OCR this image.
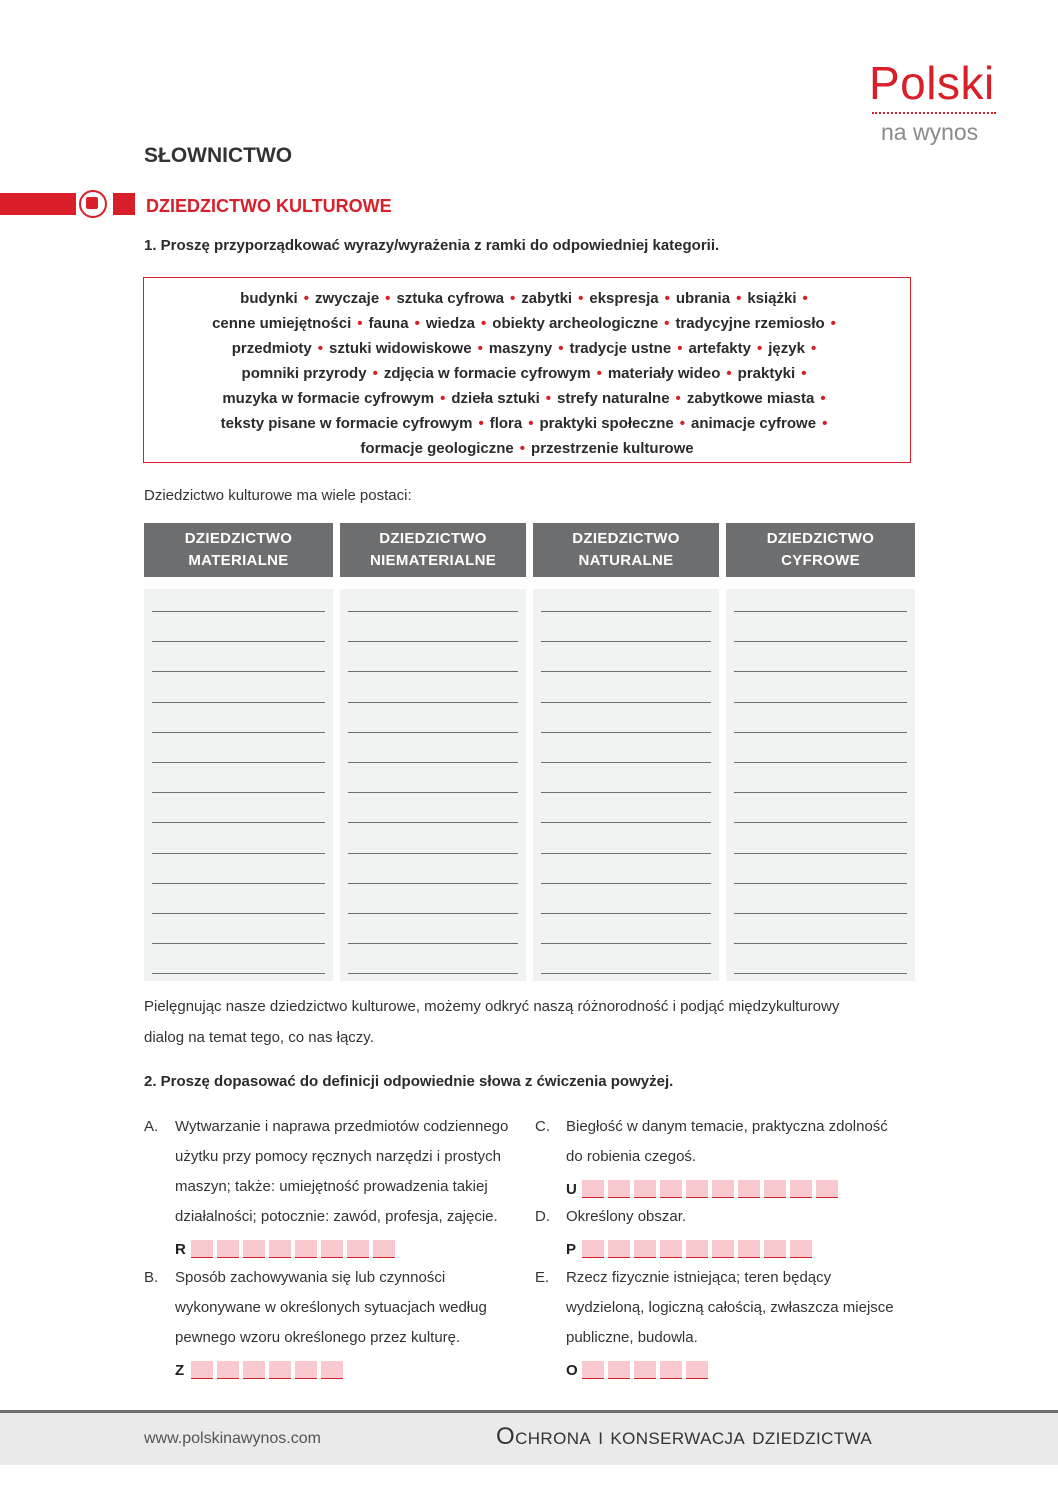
Polski
na wynos
SŁOWNICTWO
DZIEDZICTWO KULTUROWE
1. Proszę przyporządkować wyrazy/wyrażenia z ramki do odpowiedniej kategorii.
budynki • zwyczaje • sztuka cyfrowa • zabytki • ekspresja • ubrania • książki •
cenne umiejętności • fauna • wiedza • obiekty archeologiczne • tradycyjne rzemiosło •
przedmioty • sztuki widowiskowe • maszyny • tradycje ustne • artefakty • język •
pomniki przyrody • zdjęcia w formacie cyfrowym • materiały wideo • praktyki •
muzyka w formacie cyfrowym • dzieła sztuki • strefy naturalne • zabytkowe miasta •
teksty pisane w formacie cyfrowym • flora • praktyki społeczne • animacje cyfrowe •
formacje geologiczne • przestrzenie kulturowe
Dziedzictwo kulturowe ma wiele postaci:
DZIEDZICTWO
MATERIALNE
DZIEDZICTWO
NIEMATERIALNE
DZIEDZICTWO
NATURALNE
DZIEDZICTWO
CYFROWE
Pielęgnując nasze dziedzictwo kulturowe, możemy odkryć naszą różnorodność i podjąć międzykulturowy
dialog na temat tego, co nas łączy.
2. Proszę dopasować do definicji odpowiednie słowa z ćwiczenia powyżej.
A. Wytwarzanie i naprawa przedmiotów codziennego
użytku przy pomocy ręcznych narzędzi i prostych
maszyn; także: umiejętność prowadzenia takiej
działalności; potocznie: zawód, profesja, zajęcie.
R
B. Sposób zachowywania się lub czynności
wykonywane w określonych sytuacjach według
pewnego wzoru określonego przez kulturę.
Z
C. Biegłość w danym temacie, praktyczna zdolność
do robienia czegoś.
U
D. Określony obszar.
P
E. Rzecz fizycznie istniejąca; teren będący
wydzieloną, logiczną całością, zwłaszcza miejsce
publiczne, budowla.
O
www.polskinawynos.com	Ochrona i konserwacja dziedzictwa
